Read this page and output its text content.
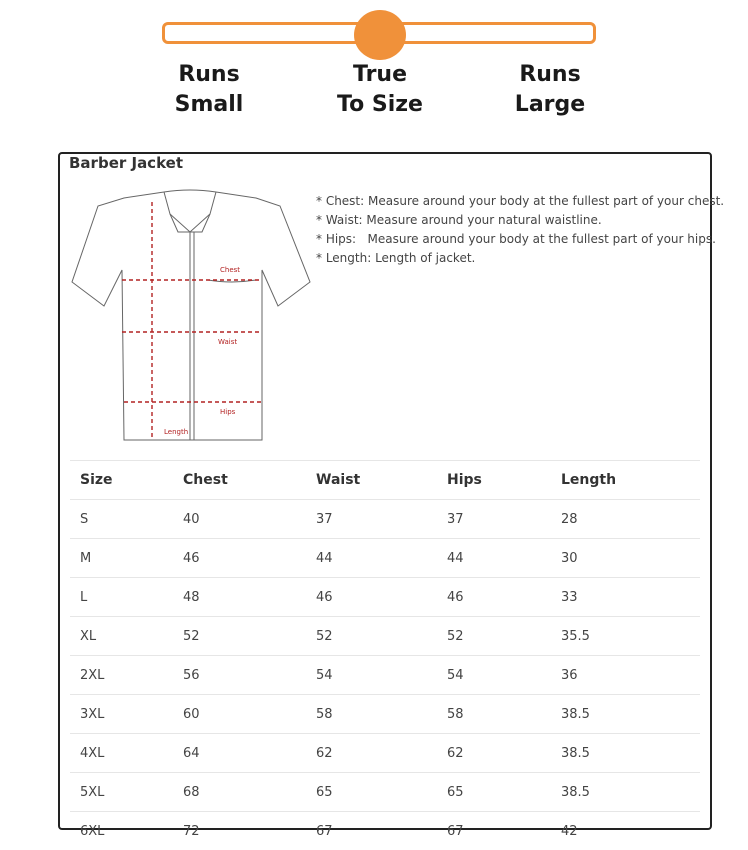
Runs
Small
True
To Size
Runs
Large
Barber Jacket
Chest
Waist
Hips
Length
* Chest: Measure around your body at the fullest part of your chest.
* Waist: Measure around your natural waistline.
* Hips:   Measure around your body at the fullest part of your hips.
* Length: Length of jacket.
Size	Chest	Waist	Hips	Length
S	40	37	37	28
M	46	44	44	30
L	48	46	46	33
XL	52	52	52	35.5
2XL	56	54	54	36
3XL	60	58	58	38.5
4XL	64	62	62	38.5
5XL	68	65	65	38.5
6XL	72	67	67	42
